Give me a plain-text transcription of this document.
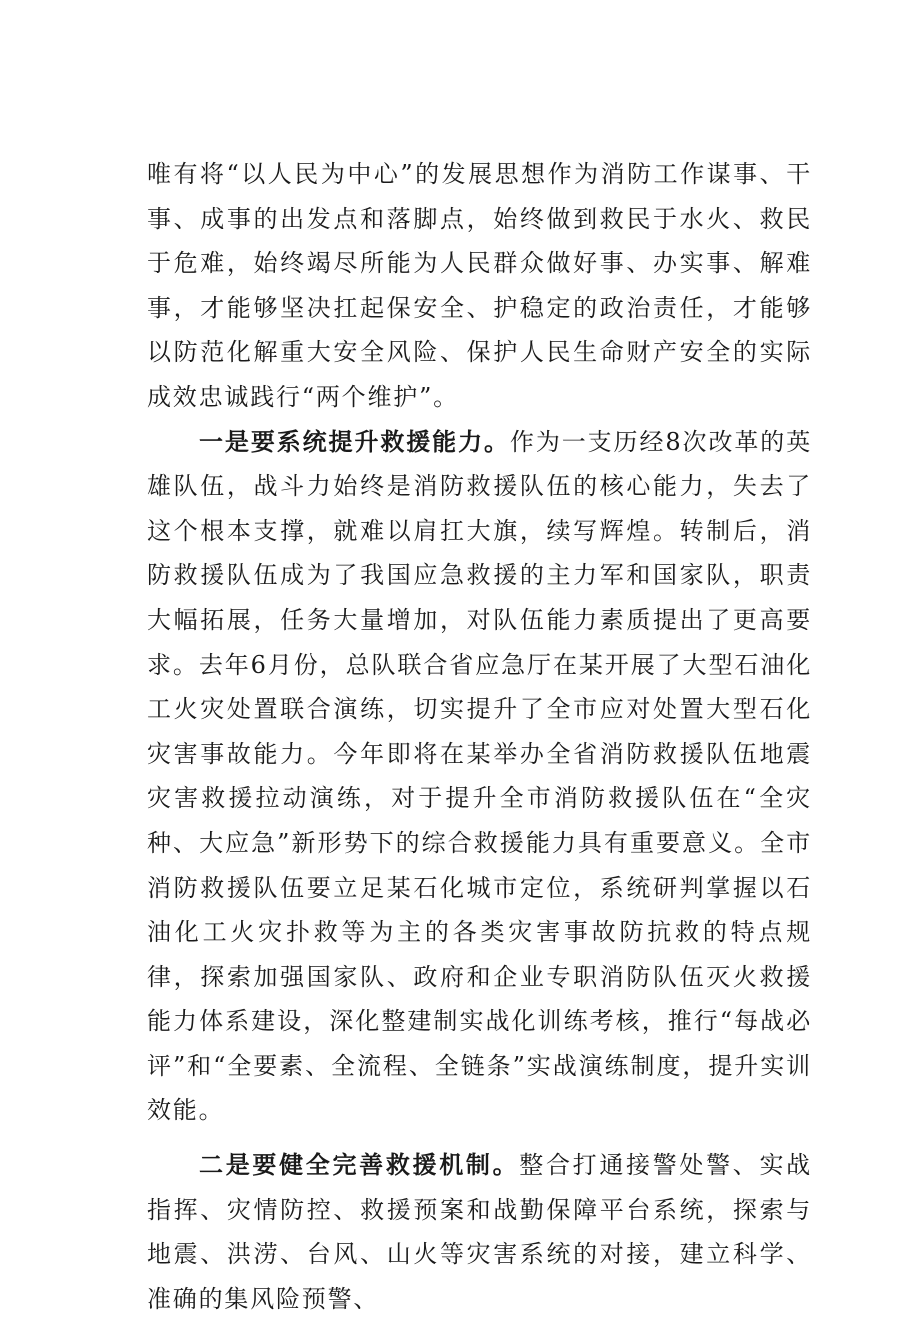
唯有将“以人民为中心”的发展思想作为消防工作谋事、干事、成事的出发点和落脚点，始终做到救民于水火、救民于危难，始终竭尽所能为人民群众做好事、办实事、解难事，才能够坚决扛起保安全、护稳定的政治责任，才能够以防范化解重大安全风险、保护人民生命财产安全的实际成效忠诚践行“两个维护”。

一是要系统提升救援能力。作为一支历经8次改革的英雄队伍，战斗力始终是消防救援队伍的核心能力，失去了这个根本支撑，就难以肩扛大旗，续写辉煌。转制后，消防救援队伍成为了我国应急救援的主力军和国家队，职责大幅拓展，任务大量增加，对队伍能力素质提出了更高要求。去年6月份，总队联合省应急厅在某开展了大型石油化工火灾处置联合演练，切实提升了全市应对处置大型石化灾害事故能力。今年即将在某举办全省消防救援队伍地震灾害救援拉动演练，对于提升全市消防救援队伍在“全灾种、大应急”新形势下的综合救援能力具有重要意义。全市消防救援队伍要立足某石化城市定位，系统研判掌握以石油化工火灾扑救等为主的各类灾害事故防抗救的特点规律，探索加强国家队、政府和企业专职消防队伍灭火救援能力体系建设，深化整建制实战化训练考核，推行“每战必评”和“全要素、全流程、全链条”实战演练制度，提升实训效能。

二是要健全完善救援机制。整合打通接警处警、实战指挥、灾情防控、救援预案和战勤保障平台系统，探索与地震、洪涝、台风、山火等灾害系统的对接，建立科学、准确的集风险预警、
